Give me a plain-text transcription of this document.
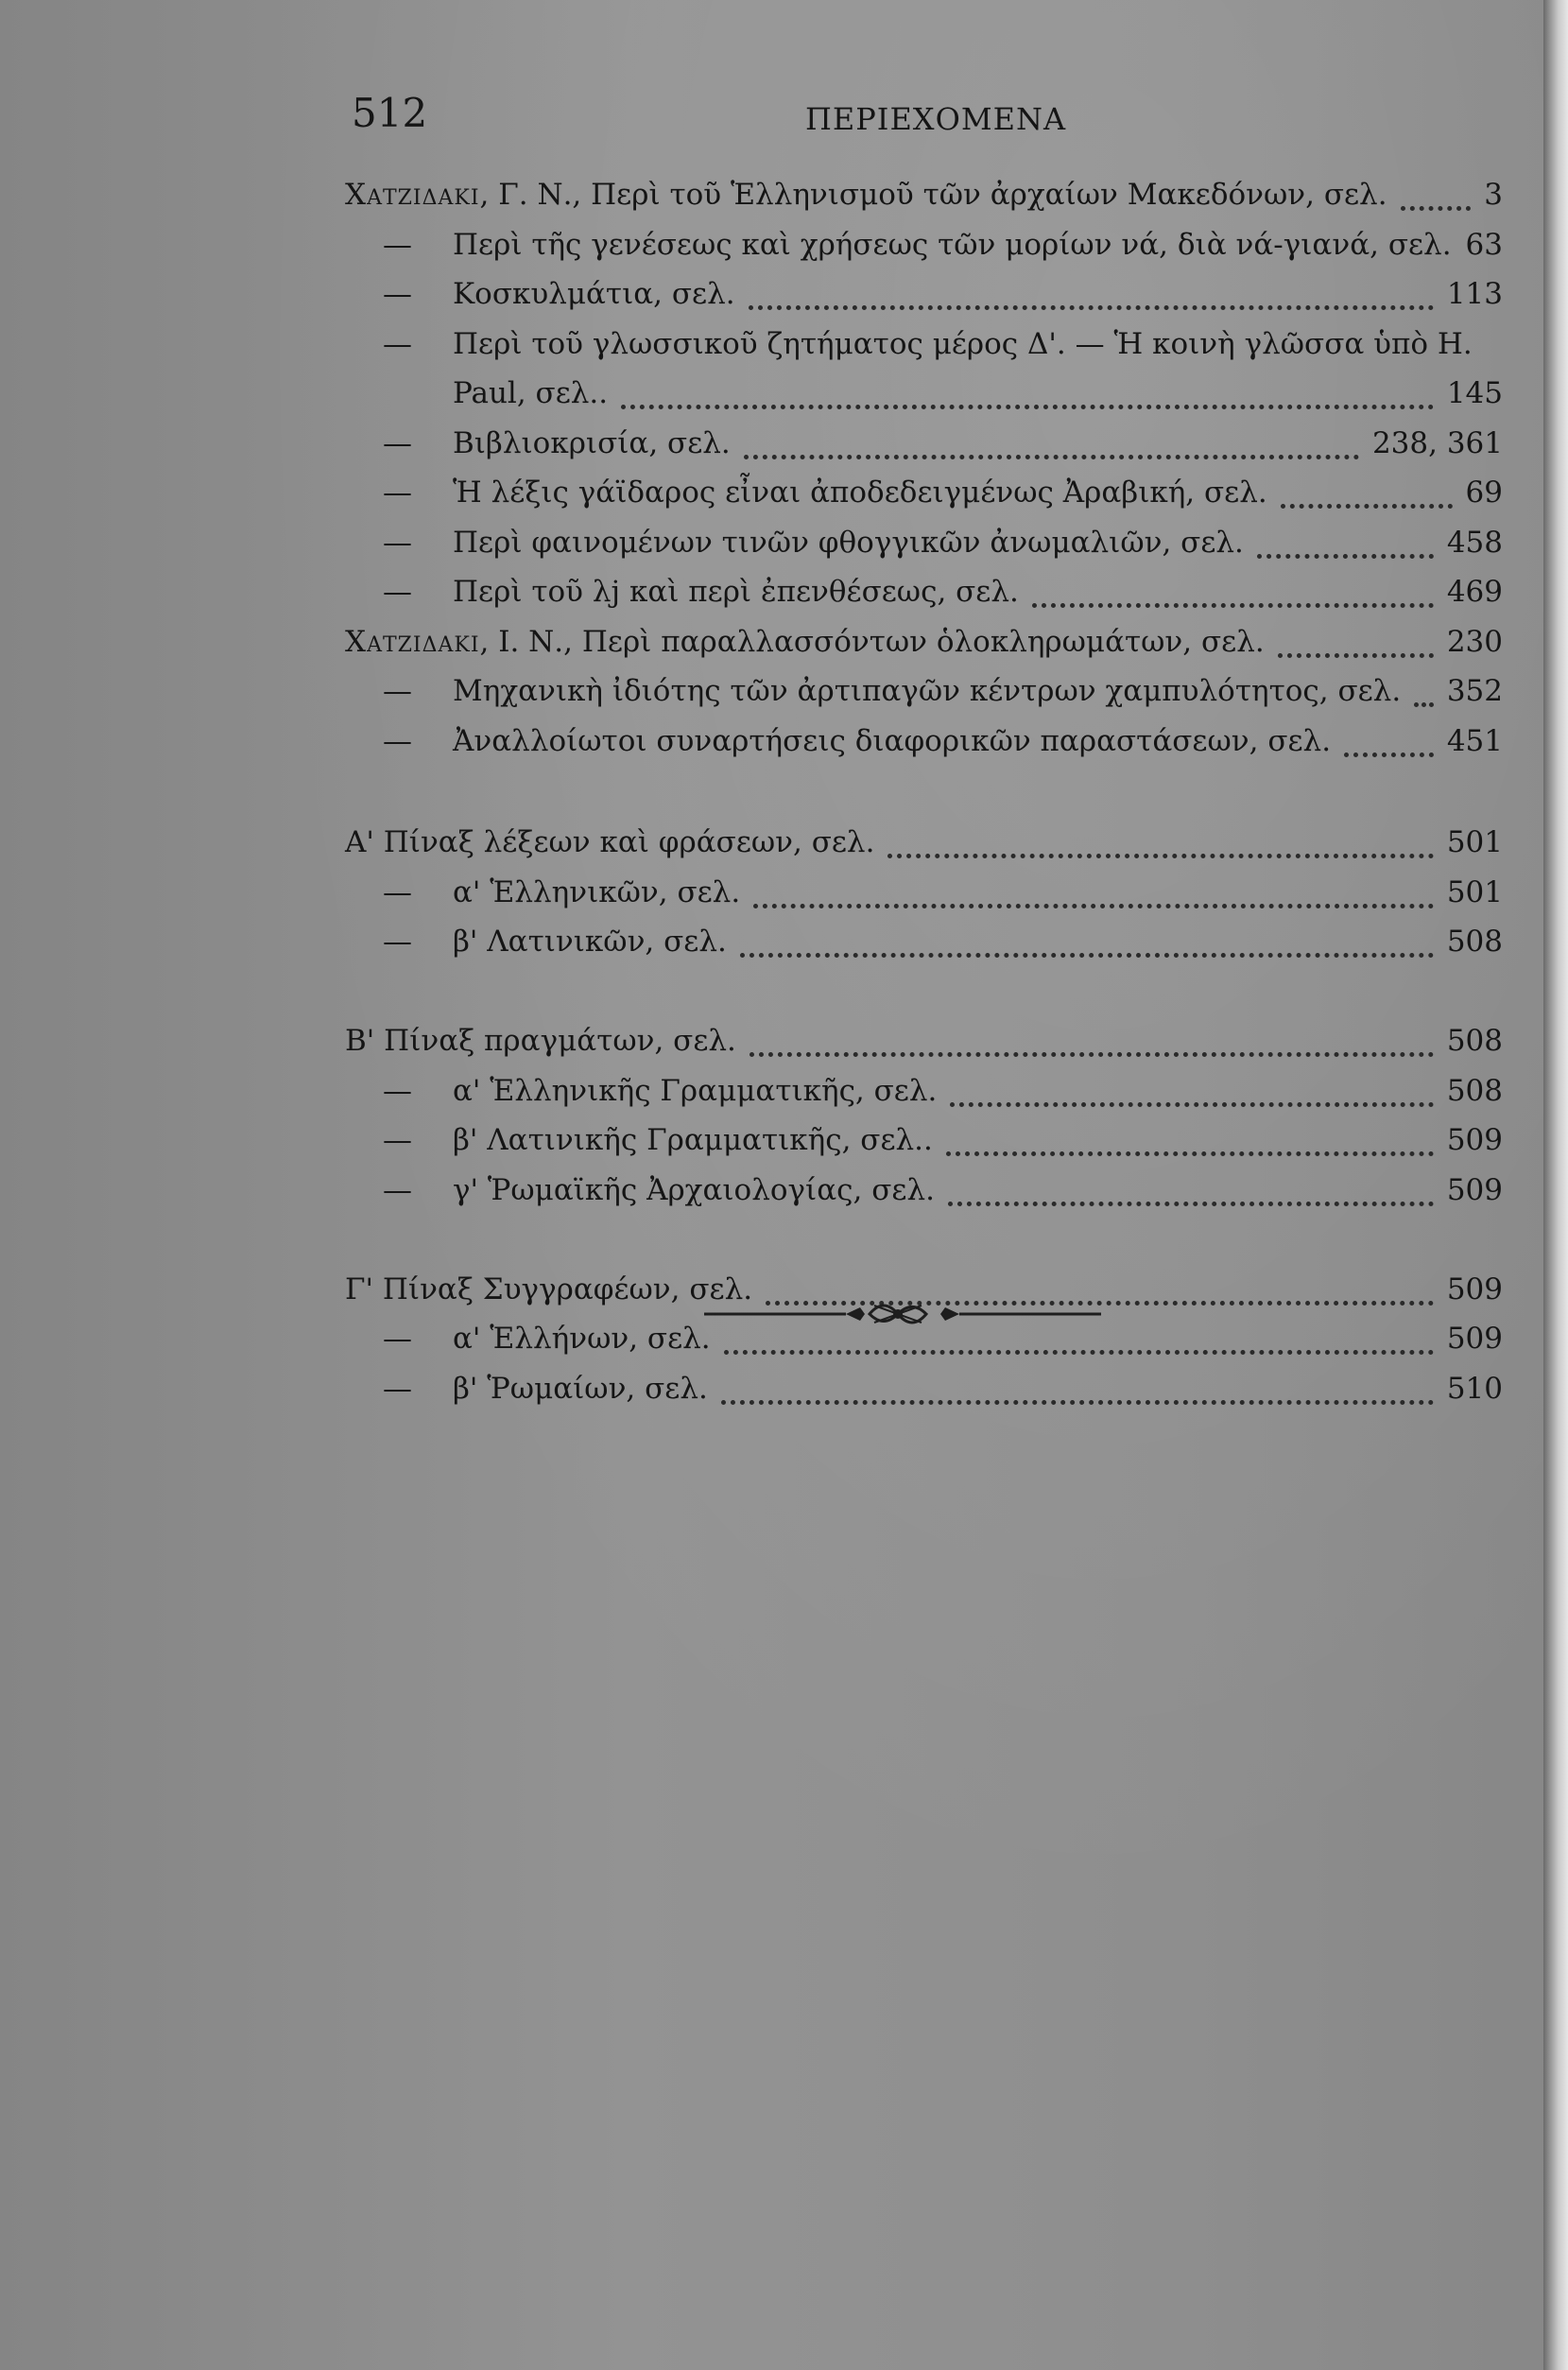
512	ΠΕΡΙΕΧΟΜΕΝΑ
Χατζιδακι, Γ. Ν., Περὶ τοῦ Ἑλληνισμοῦ τῶν ἀρχαίων Μακεδόνων, σελ.	3
— Περὶ τῆς γενέσεως καὶ χρήσεως τῶν μορίων νά, διὰ νά-γιανά, σελ. 63
— Κοσκυλμάτια, σελ.	113
— Περὶ τοῦ γλωσσικοῦ ζητήματος μέρος Δ'. — Ἡ κοινὴ γλῶσσα ὑπὸ Η.
Paul, σελ..	145
— Βιβλιοκρισία, σελ.	238, 361
— Ἡ λέξις γάϊδαρος εἶναι ἀποδεδειγμένως Ἀραβική, σελ.	69
— Περὶ φαινομένων τινῶν φθογγικῶν ἀνωμαλιῶν, σελ.	458
— Περὶ τοῦ λj καὶ περὶ ἐπενθέσεως, σελ.	469
Χατζιδακι, Ι. Ν., Περὶ παραλλασσόντων ὁλοκληρωμάτων, σελ.	230
— Μηχανικὴ ἰδιότης τῶν ἀρτιπαγῶν κέντρων χαμπυλότητος, σελ. 352
— Ἀναλλοίωτοι συναρτήσεις διαφορικῶν παραστάσεων, σελ.	451
Α' Πίναξ λέξεων καὶ φράσεων, σελ.	501
— α' Ἑλληνικῶν, σελ.	501
— β' Λατινικῶν, σελ.	508
Β' Πίναξ πραγμάτων, σελ.	508
— α' Ἑλληνικῆς Γραμματικῆς, σελ.	508
— β' Λατινικῆς Γραμματικῆς, σελ..	509
— γ' Ῥωμαϊκῆς Ἀρχαιολογίας, σελ.	509
Γ' Πίναξ Συγγραφέων, σελ.	509
— α' Ἑλλήνων, σελ.	509
— β' Ῥωμαίων, σελ.	510
